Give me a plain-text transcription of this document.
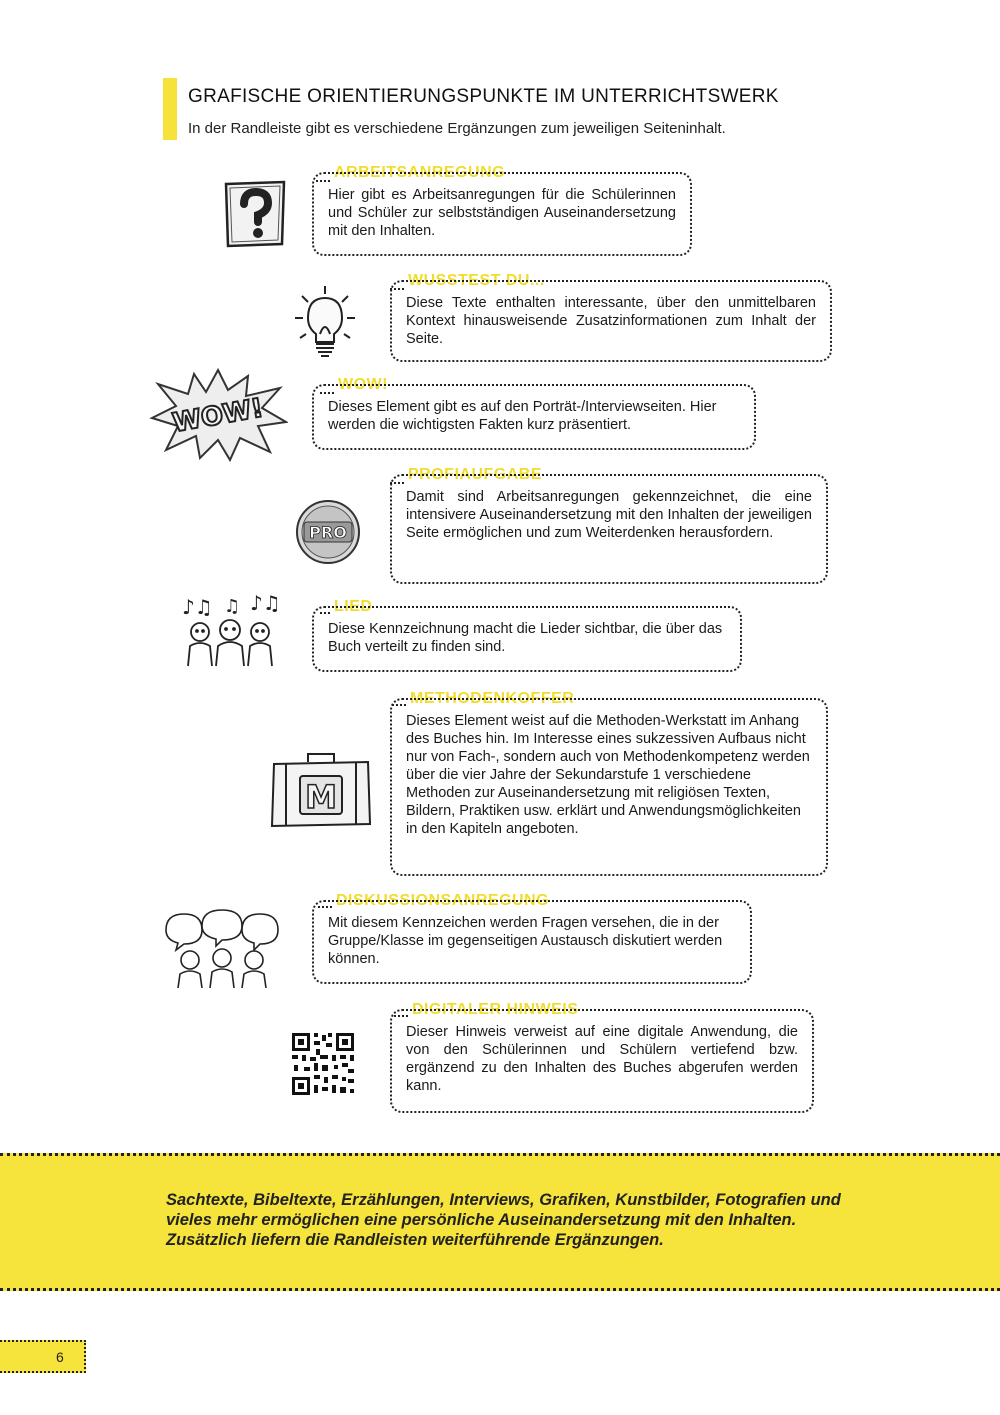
GRAFISCHE ORIENTIERUNGSPUNKTE IM UNTERRICHTSWERK
In der Randleiste gibt es verschiedene Ergänzungen zum jeweiligen Seiteninhalt.
ARBEITSANREGUNG

Hier gibt es Arbeitsanregungen für die Schülerinnen und Schüler zur selbstständigen Auseinandersetzung mit den Inhalten.

WUSSTEST DU...

Diese Texte enthalten interessante, über den unmittelbaren Kontext hinausweisende Zusatzinformationen zum Inhalt der Seite.

WOW!
WOW!

Dieses Element gibt es auf den Porträt-/Interviewseiten. Hier werden die wichtigsten Fakten kurz präsentiert.

PRO
PROFIAUFGABE

Damit sind Arbeitsanregungen gekennzeichnet, die eine intensivere Auseinandersetzung mit den Inhalten der jeweiligen Seite ermöglichen und zum Weiterdenken herausfordern.

♪♫ ♫ ♪♫	LIED

Diese Kennzeichnung macht die Lieder sichtbar, die über das Buch verteilt zu finden sind.

M
METHODENKOFFER

Dieses Element weist auf die Methoden-Werkstatt im Anhang des Buches hin. Im Interesse eines sukzessiven Aufbaus nicht nur von Fach-, sondern auch von Methodenkompetenz werden über die vier Jahre der Sekundarstufe 1 verschiedene Methoden zur Auseinandersetzung mit religiösen Texten, Bildern, Praktiken usw. erklärt und Anwendungsmöglichkeiten in den Kapiteln angeboten.

DISKUSSIONSANREGUNG

Mit diesem Kennzeichen werden Fragen versehen, die in der Gruppe/Klasse im gegenseitigen Austausch diskutiert werden können.

DIGITALER HINWEIS

Dieser Hinweis verweist auf eine digitale Anwendung, die von den Schülerinnen und Schülern vertiefend bzw. ergänzend zu den Inhalten des Buches abgerufen werden kann.

Sachtexte, Bibeltexte, Erzählungen, Interviews, Grafiken, Kunstbilder, Fotografien und vieles mehr ermöglichen eine persönliche Auseinandersetzung mit den Inhalten. Zusätzlich liefern die Randleisten weiterführende Ergänzungen.
6
